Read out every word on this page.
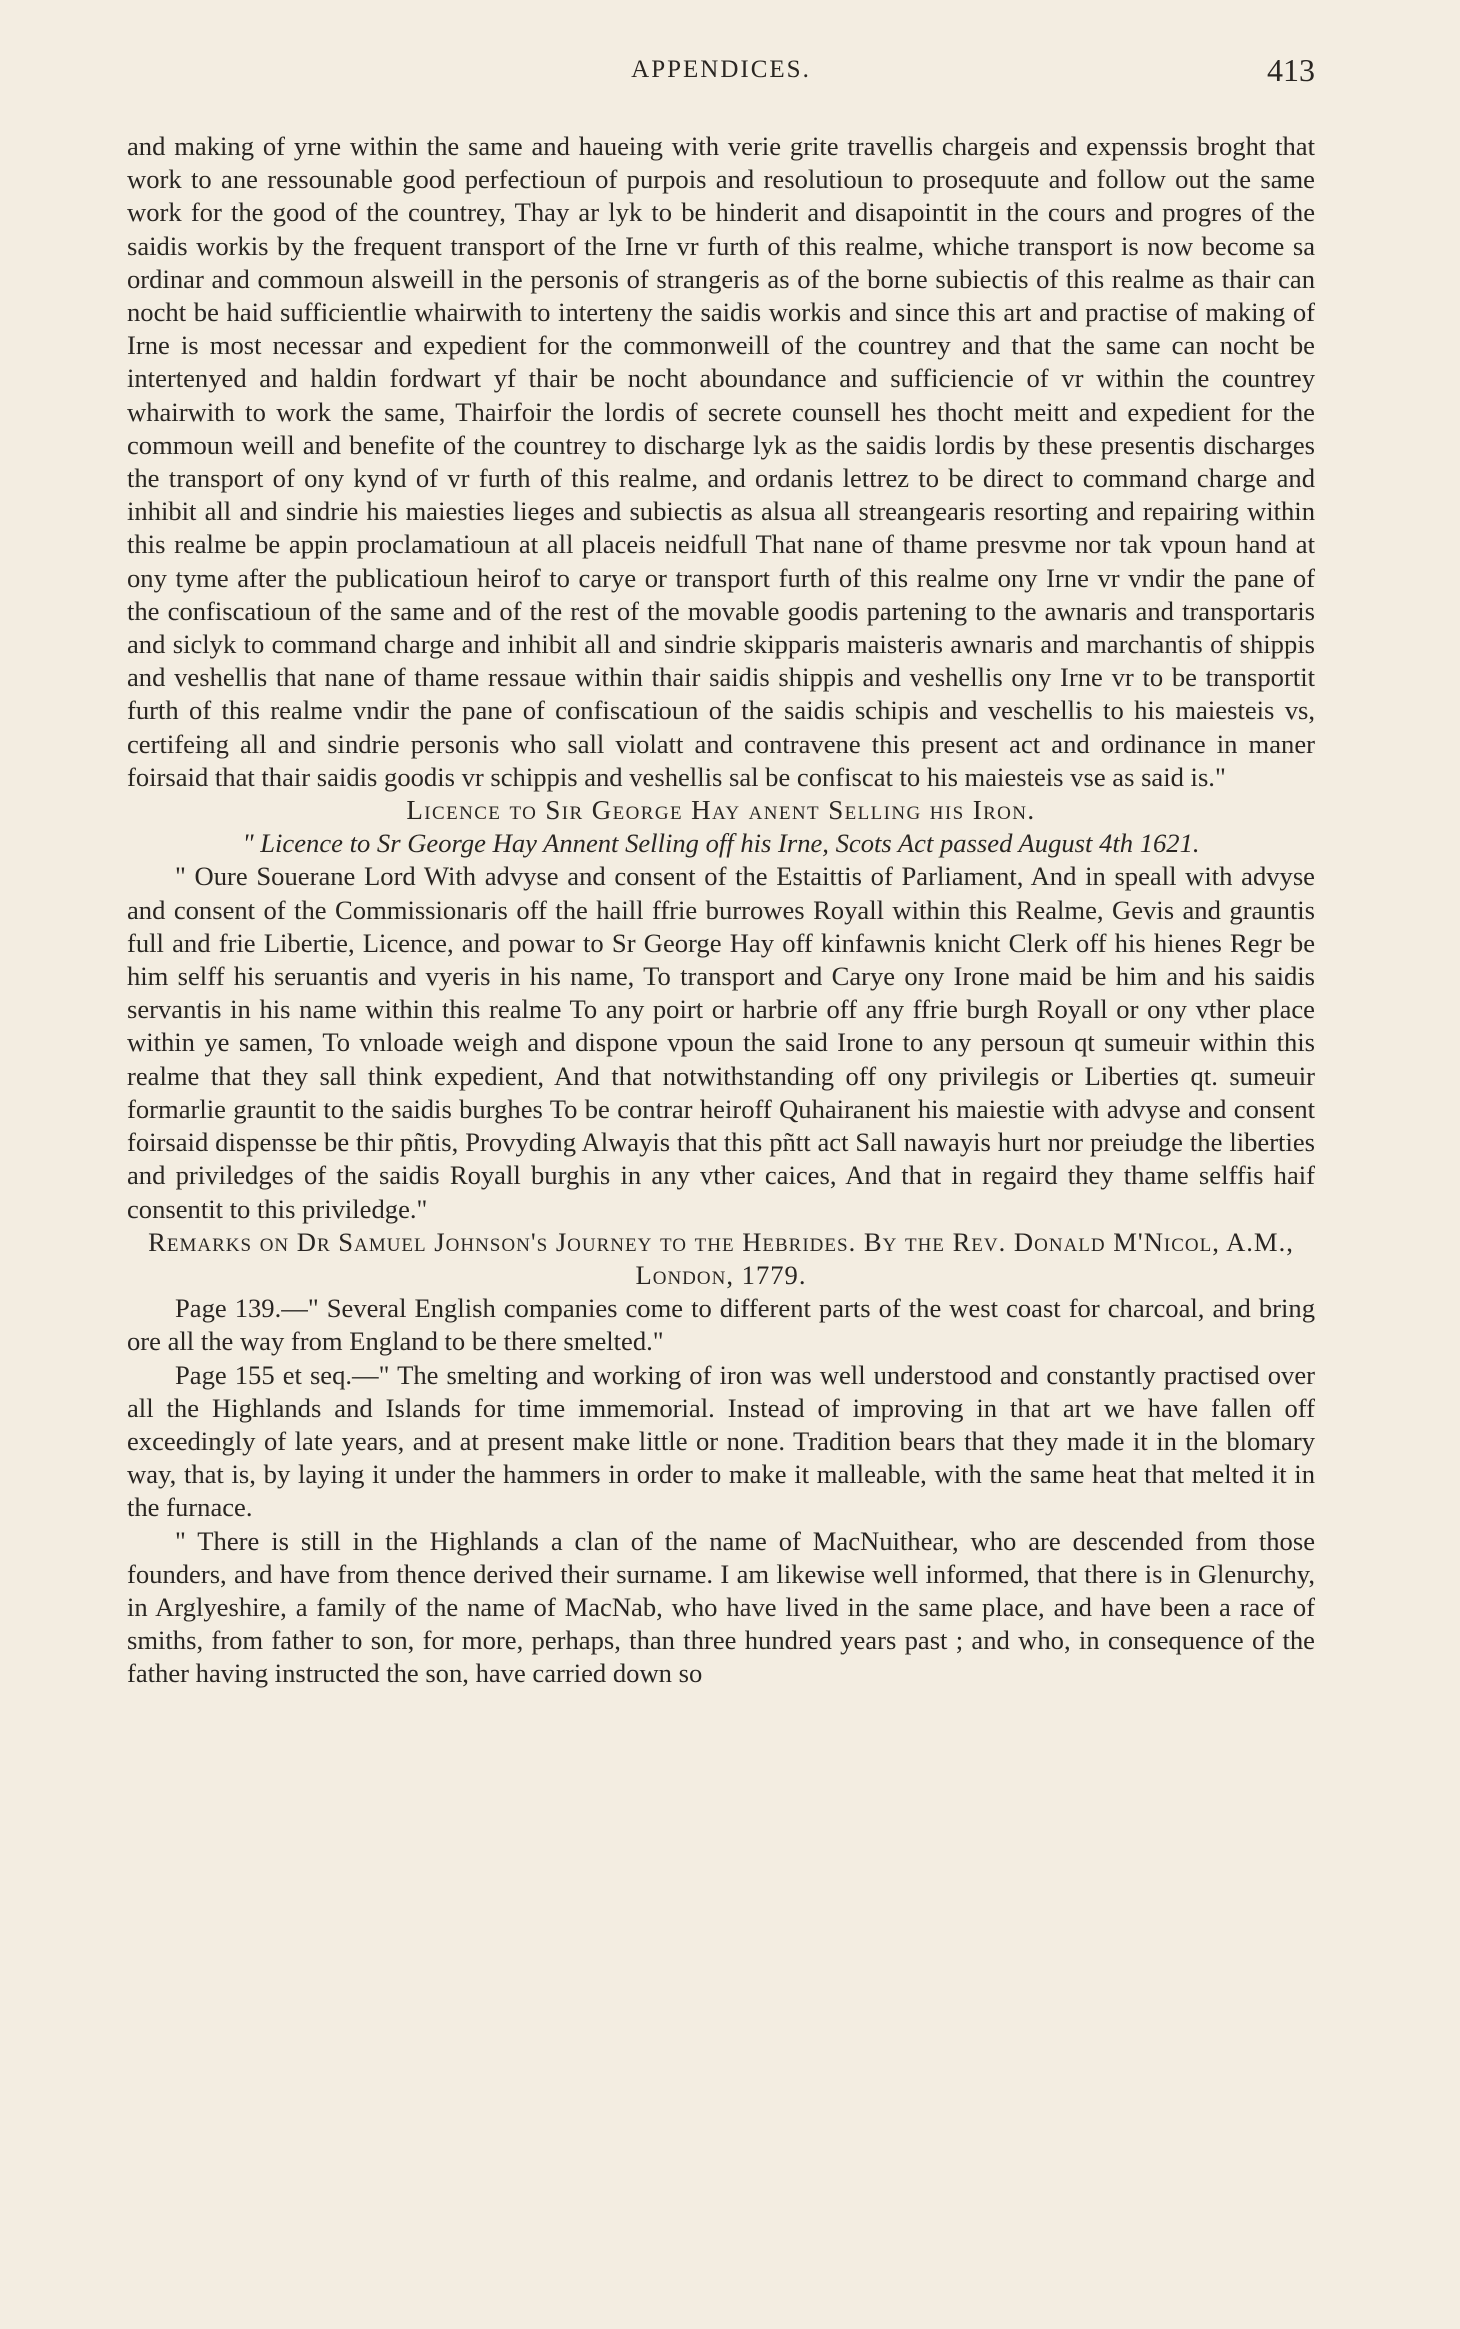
APPENDICES.	413

and making of yrne within the same and haueing with verie grite travellis chargeis and expenssis broght that work to ane ressounable good perfectioun of purpois and resolutioun to prosequute and follow out the same work for the good of the countrey, Thay ar lyk to be hinderit and disapointit in the cours and progres of the saidis workis by the frequent transport of the Irne vr furth of this realme, whiche transport is now become sa ordinar and commoun alsweill in the personis of strangeris as of the borne subiectis of this realme as thair can nocht be haid sufficientlie whairwith to interteny the saidis workis and since this art and practise of making of Irne is most necessar and expedient for the commonweill of the countrey and that the same can nocht be intertenyed and haldin fordwart yf thair be nocht aboundance and sufficiencie of vr within the countrey whairwith to work the same, Thairfoir the lordis of secrete counsell hes thocht meitt and expedient for the commoun weill and benefite of the countrey to discharge lyk as the saidis lordis by these presentis discharges the transport of ony kynd of vr furth of this realme, and ordanis lettrez to be direct to command charge and inhibit all and sindrie his maiesties lieges and subiectis as alsua all streangearis resorting and repairing within this realme be appin proclamatioun at all placeis neidfull That nane of thame presvme nor tak vpoun hand at ony tyme after the publicatioun heirof to carye or transport furth of this realme ony Irne vr vndir the pane of the confiscatioun of the same and of the rest of the movable goodis partening to the awnaris and transportaris and siclyk to command charge and inhibit all and sindrie skipparis maisteris awnaris and marchantis of shippis and veshellis that nane of thame ressaue within thair saidis shippis and veshellis ony Irne vr to be transportit furth of this realme vndir the pane of confiscatioun of the saidis schipis and veschellis to his maiesteis vs, certifeing all and sindrie personis who sall violatt and contravene this present act and ordinance in maner foirsaid that thair saidis goodis vr schippis and veshellis sal be confiscat to his maiesteis vse as said is."

Licence to Sir George Hay anent Selling his Iron.

" Licence to Sr George Hay Annent Selling off his Irne, Scots Act passed August 4th 1621.

" Oure Souerane Lord With advyse and consent of the Estaittis of Parliament, And in speall with advyse and consent of the Commissionaris off the haill ffrie burrowes Royall within this Realme, Gevis and grauntis full and frie Libertie, Licence, and powar to Sr George Hay off kinfawnis knicht Clerk off his hienes Regr be him selff his seruantis and vyeris in his name, To transport and Carye ony Irone maid be him and his saidis servantis in his name within this realme To any poirt or harbrie off any ffrie burgh Royall or ony vther place within ye samen, To vnloade weigh and dispone vpoun the said Irone to any persoun qt sumeuir within this realme that they sall think expedient, And that notwithstanding off ony privilegis or Liberties qt. sumeuir formarlie grauntit to the saidis burghes To be contrar heiroff Quhairanent his maiestie with advyse and consent foirsaid dispensse be thir pñtis, Provyding Alwayis that this pñtt act Sall nawayis hurt nor preiudge the liberties and priviledges of the saidis Royall burghis in any vther caices, And that in regaird they thame selffis haif consentit to this priviledge."

Remarks on Dr Samuel Johnson's Journey to the Hebrides. By the Rev. Donald M'Nicol, A.M., London, 1779.

Page 139.—" Several English companies come to different parts of the west coast for charcoal, and bring ore all the way from England to be there smelted."

Page 155 et seq.—" The smelting and working of iron was well understood and constantly practised over all the Highlands and Islands for time immemorial. Instead of improving in that art we have fallen off exceedingly of late years, and at present make little or none. Tradition bears that they made it in the blomary way, that is, by laying it under the hammers in order to make it malleable, with the same heat that melted it in the furnace.

" There is still in the Highlands a clan of the name of MacNuithear, who are descended from those founders, and have from thence derived their surname. I am likewise well informed, that there is in Glenurchy, in Arglyeshire, a family of the name of MacNab, who have lived in the same place, and have been a race of smiths, from father to son, for more, perhaps, than three hundred years past ; and who, in consequence of the father having instructed the son, have carried down so
